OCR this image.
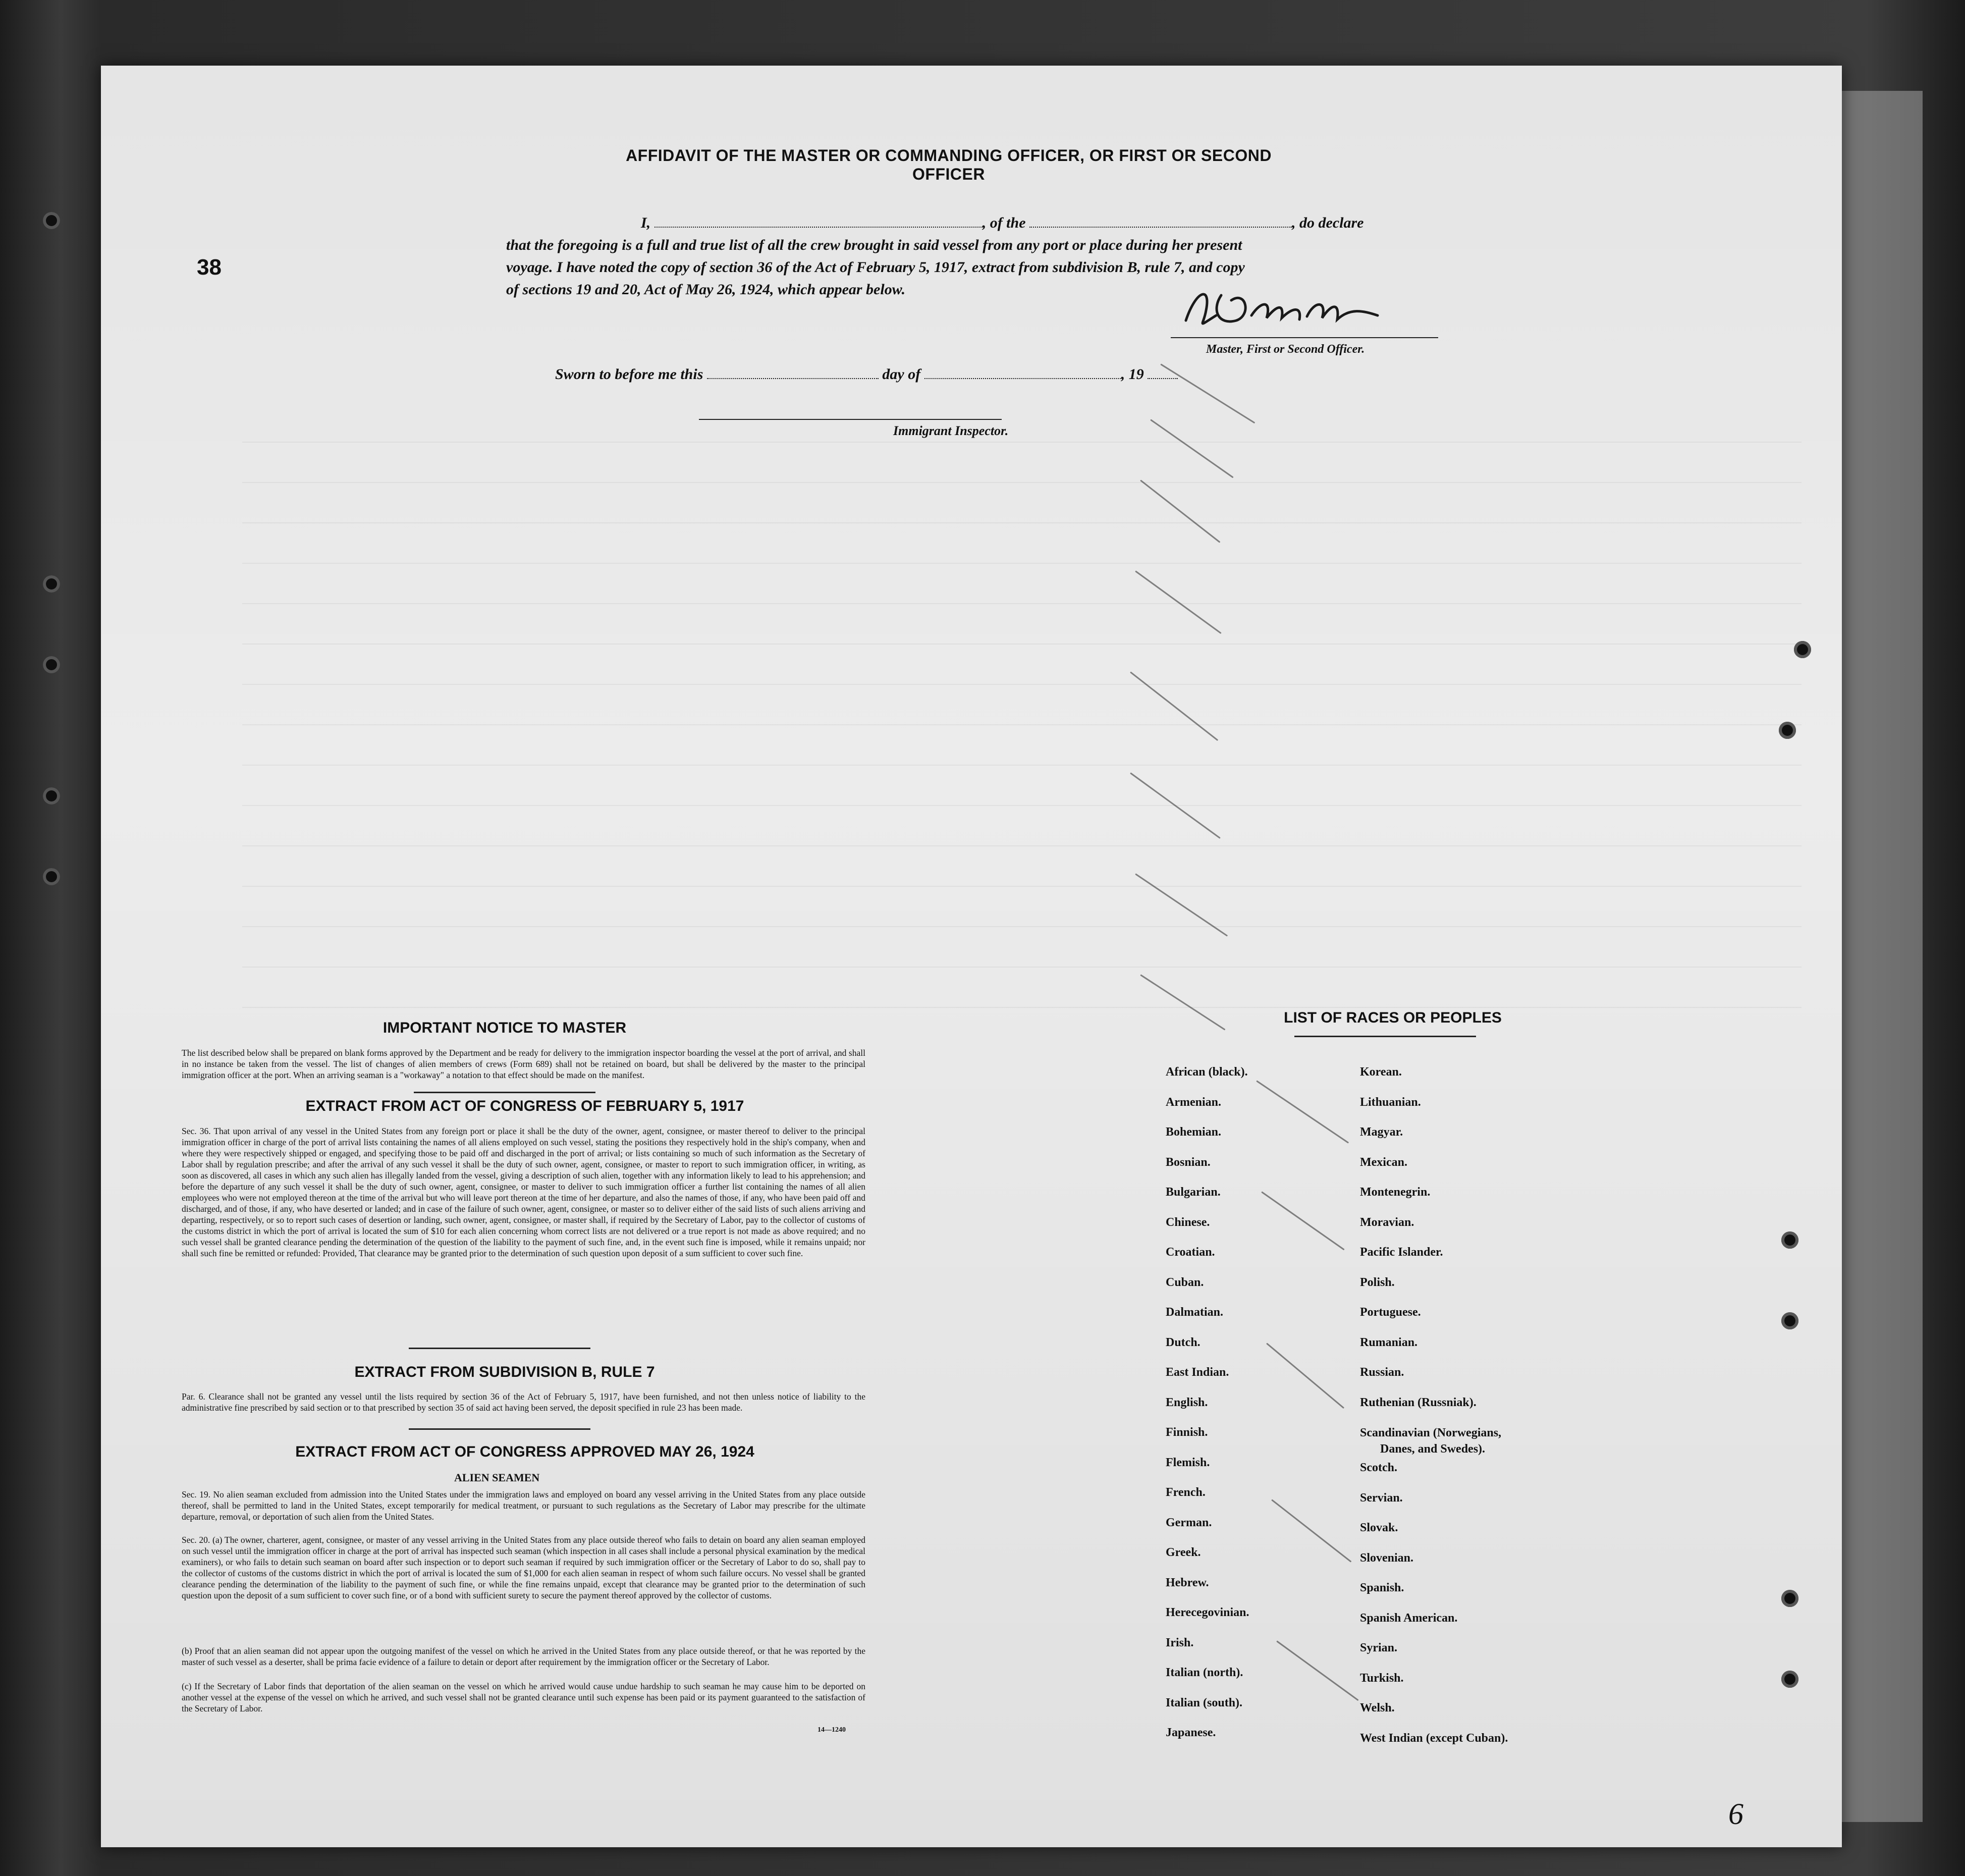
38
AFFIDAVIT OF THE MASTER OR COMMANDING OFFICER, OR FIRST OR SECOND OFFICER
I,	, of the	, do declare
that the foregoing is a full and true list of all the crew brought in said vessel from any port or place during her present
voyage. I have noted the copy of section 36 of the Act of February 5, 1917, extract from subdivision B, rule 7, and copy
of sections 19 and 20, Act of May 26, 1924, which appear below.
Master, First or Second Officer.
Sworn to before me this	day of	, 19
Immigrant Inspector.
IMPORTANT NOTICE TO MASTER
The list described below shall be prepared on blank forms approved by the Department and be ready for delivery to the immigration inspector boarding the vessel at the port of arrival, and shall in no instance be taken from the vessel. The list of changes of alien members of crews (Form 689) shall not be retained on board, but shall be delivered by the master to the principal immigration officer at the port. When an arriving seaman is a "workaway" a notation to that effect should be made on the manifest.
EXTRACT FROM ACT OF CONGRESS OF FEBRUARY 5, 1917
Sec. 36. That upon arrival of any vessel in the United States from any foreign port or place it shall be the duty of the owner, agent, consignee, or master thereof to deliver to the principal immigration officer in charge of the port of arrival lists containing the names of all aliens employed on such vessel, stating the positions they respectively hold in the ship's company, when and where they were respectively shipped or engaged, and specifying those to be paid off and discharged in the port of arrival; or lists containing so much of such information as the Secretary of Labor shall by regulation prescribe; and after the arrival of any such vessel it shall be the duty of such owner, agent, consignee, or master to report to such immigration officer, in writing, as soon as discovered, all cases in which any such alien has illegally landed from the vessel, giving a description of such alien, together with any information likely to lead to his apprehension; and before the departure of any such vessel it shall be the duty of such owner, agent, consignee, or master to deliver to such immigration officer a further list containing the names of all alien employees who were not employed thereon at the time of the arrival but who will leave port thereon at the time of her departure, and also the names of those, if any, who have been paid off and discharged, and of those, if any, who have deserted or landed; and in case of the failure of such owner, agent, consignee, or master so to deliver either of the said lists of such aliens arriving and departing, respectively, or so to report such cases of desertion or landing, such owner, agent, consignee, or master shall, if required by the Secretary of Labor, pay to the collector of customs of the customs district in which the port of arrival is located the sum of $10 for each alien concerning whom correct lists are not delivered or a true report is not made as above required; and no such vessel shall be granted clearance pending the determination of the question of the liability to the payment of such fine, and, in the event such fine is imposed, while it remains unpaid; nor shall such fine be remitted or refunded: Provided, That clearance may be granted prior to the determination of such question upon deposit of a sum sufficient to cover such fine.
EXTRACT FROM SUBDIVISION B, RULE 7
Par. 6. Clearance shall not be granted any vessel until the lists required by section 36 of the Act of February 5, 1917, have been furnished, and not then unless notice of liability to the administrative fine prescribed by said section or to that prescribed by section 35 of said act having been served, the deposit specified in rule 23 has been made.
EXTRACT FROM ACT OF CONGRESS APPROVED MAY 26, 1924
ALIEN SEAMEN
Sec. 19. No alien seaman excluded from admission into the United States under the immigration laws and employed on board any vessel arriving in the United States from any place outside thereof, shall be permitted to land in the United States, except temporarily for medical treatment, or pursuant to such regulations as the Secretary of Labor may prescribe for the ultimate departure, removal, or deportation of such alien from the United States.
Sec. 20. (a) The owner, charterer, agent, consignee, or master of any vessel arriving in the United States from any place outside thereof who fails to detain on board any alien seaman employed on such vessel until the immigration officer in charge at the port of arrival has inspected such seaman (which inspection in all cases shall include a personal physical examination by the medical examiners), or who fails to detain such seaman on board after such inspection or to deport such seaman if required by such immigration officer or the Secretary of Labor to do so, shall pay to the collector of customs of the customs district in which the port of arrival is located the sum of $1,000 for each alien seaman in respect of whom such failure occurs. No vessel shall be granted clearance pending the determination of the liability to the payment of such fine, or while the fine remains unpaid, except that clearance may be granted prior to the determination of such question upon the deposit of a sum sufficient to cover such fine, or of a bond with sufficient surety to secure the payment thereof approved by the collector of customs.
(b) Proof that an alien seaman did not appear upon the outgoing manifest of the vessel on which he arrived in the United States from any place outside thereof, or that he was reported by the master of such vessel as a deserter, shall be prima facie evidence of a failure to detain or deport after requirement by the immigration officer or the Secretary of Labor.
(c) If the Secretary of Labor finds that deportation of the alien seaman on the vessel on which he arrived would cause undue hardship to such seaman he may cause him to be deported on another vessel at the expense of the vessel on which he arrived, and such vessel shall not be granted clearance until such expense has been paid or its payment guaranteed to the satisfaction of the Secretary of Labor.
14—1240
LIST OF RACES OR PEOPLES
African (black).
Armenian.
Bohemian.
Bosnian.
Bulgarian.
Chinese.
Croatian.
Cuban.
Dalmatian.
Dutch.
East Indian.
English.
Finnish.
Flemish.
French.
German.
Greek.
Hebrew.
Herecegovinian.
Irish.
Italian (north).
Italian (south).
Japanese.
Korean.
Lithuanian.
Magyar.
Mexican.
Montenegrin.
Moravian.
Pacific Islander.
Polish.
Portuguese.
Rumanian.
Russian.
Ruthenian (Russniak).
Scandinavian (Norwegians,
Danes, and Swedes).
Scotch.
Servian.
Slovak.
Slovenian.
Spanish.
Spanish American.
Syrian.
Turkish.
Welsh.
West Indian (except Cuban).
6
